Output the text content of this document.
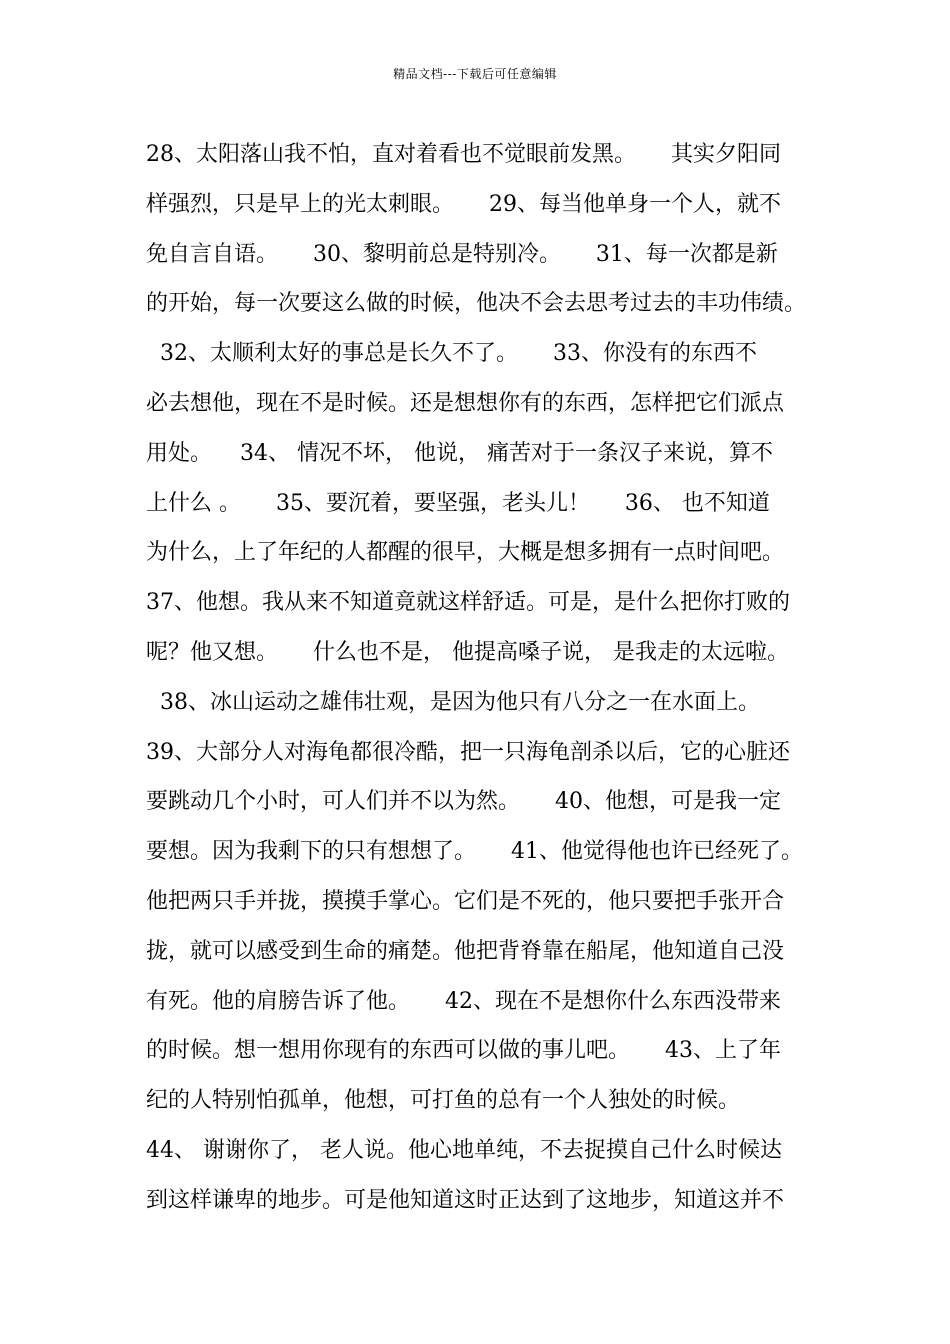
精品文档---下载后可任意编辑
28、太阳落山我不怕，直对着看也不觉眼前发黑。     其实夕阳同
样强烈，只是早上的光太刺眼。     29、每当他单身一个人，就不
免自言自语。     30、黎明前总是特别冷。     31、每一次都是新
的开始，每一次要这么做的时候，他决不会去思考过去的丰功伟绩。
32、太顺利太好的事总是长久不了。     33、你没有的东西不
必去想他，现在不是时候。还是想想你有的东西，怎样把它们派点
用处。    34、 情况不坏， 他说， 痛苦对于一条汉子来说，算不
上什么 。     35、要沉着，要坚强，老头儿！     36、 也不知道
为什么，上了年纪的人都醒的很早，大概是想多拥有一点时间吧。
37、他想。我从来不知道竟就这样舒适。可是，是什么把你打败的
呢？他又想。     什么也不是， 他提高嗓子说， 是我走的太远啦。
38、冰山运动之雄伟壮观，是因为他只有八分之一在水面上。
39、大部分人对海龟都很冷酷，把一只海龟剖杀以后，它的心脏还
要跳动几个小时，可人们并不以为然。     40、他想，可是我一定
要想。因为我剩下的只有想想了。     41、他觉得他也许已经死了。
他把两只手并拢，摸摸手掌心。它们是不死的，他只要把手张开合
拢，就可以感受到生命的痛楚。他把背脊靠在船尾，他知道自己没
有死。他的肩膀告诉了他。     42、现在不是想你什么东西没带来
的时候。想一想用你现有的东西可以做的事儿吧。     43、上了年
纪的人特别怕孤单，他想，可打鱼的总有一个人独处的时候。
44、 谢谢你了， 老人说。他心地单纯，不去捉摸自己什么时候达
到这样谦卑的地步。可是他知道这时正达到了这地步，知道这并不
